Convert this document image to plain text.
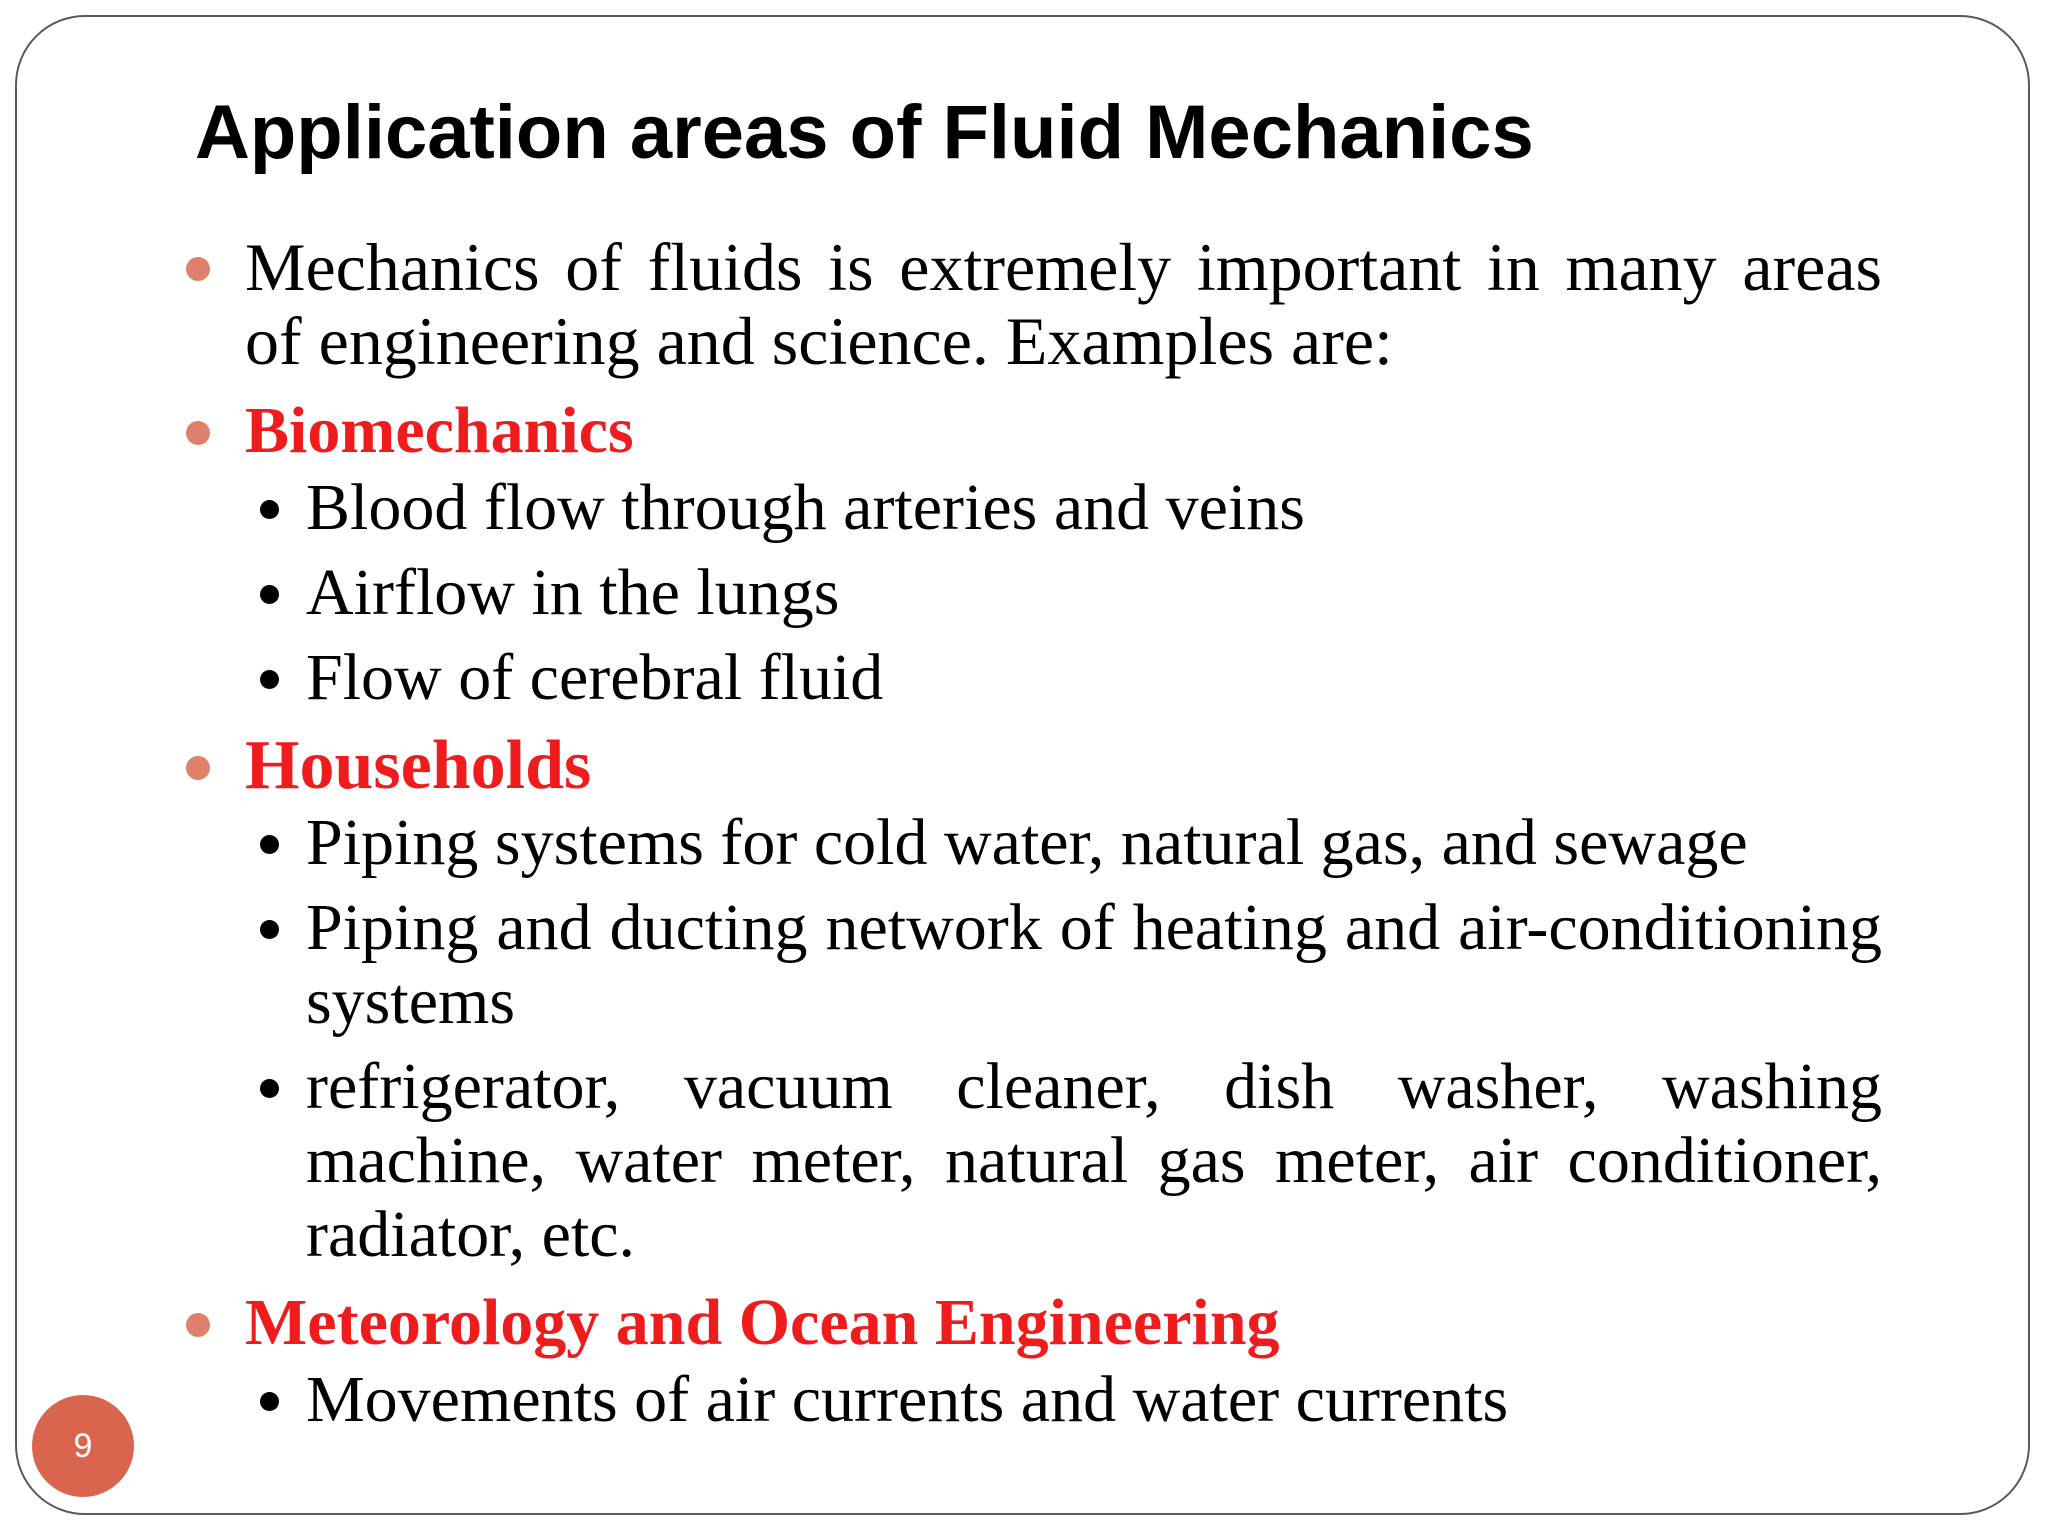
Application areas of Fluid Mechanics
Mechanics of fluids is extremely important in many areas of engineering and science. Examples are:
Biomechanics
Blood flow through arteries and veins
Airflow in the lungs
Flow of cerebral fluid
Households
Piping systems for cold water, natural gas, and sewage
Piping and ducting network of heating and air-conditioning systems
refrigerator, vacuum cleaner, dish washer, washing machine, water meter, natural gas meter, air conditioner, radiator, etc.
Meteorology and Ocean Engineering
Movements of air currents and water currents
9
